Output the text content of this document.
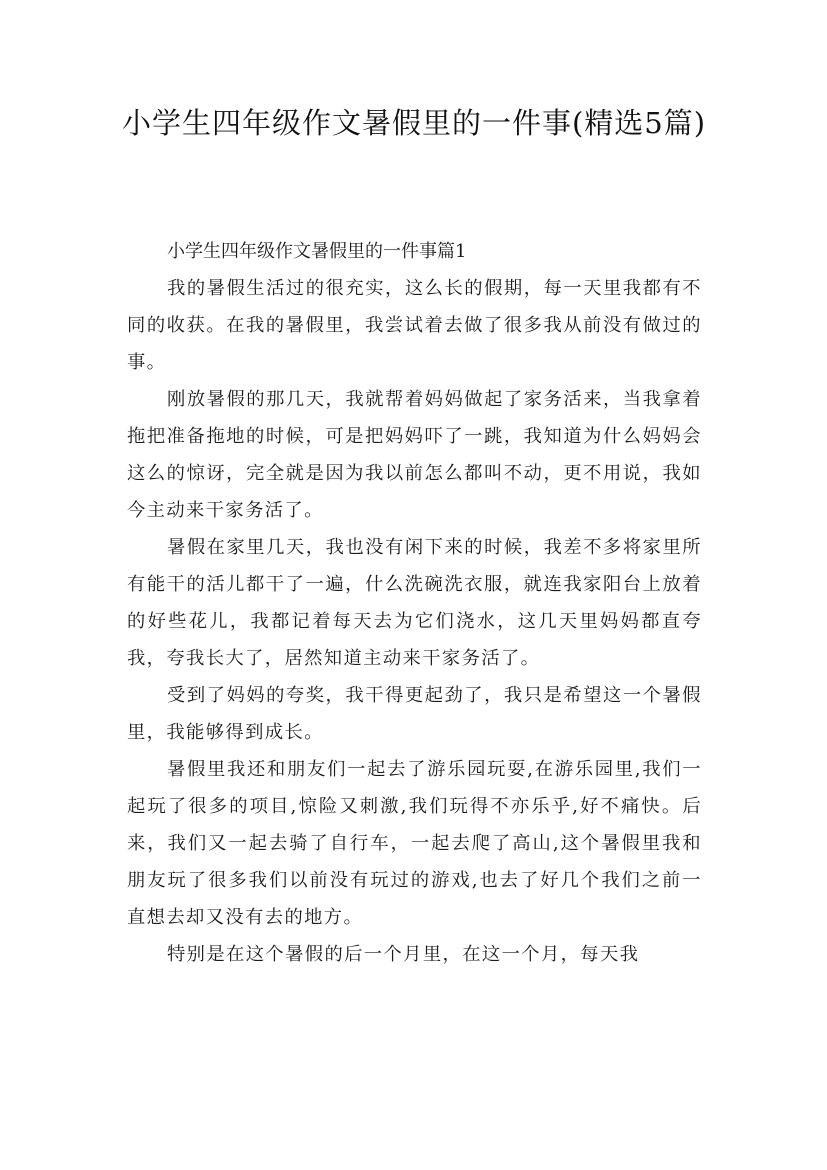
小学生四年级作文暑假里的一件事(精选5篇)

小学生四年级作文暑假里的一件事篇1

我的暑假生活过的很充实，这么长的假期，每一天里我都有不同的收获。在我的暑假里，我尝试着去做了很多我从前没有做过的事。

刚放暑假的那几天，我就帮着妈妈做起了家务活来，当我拿着拖把准备拖地的时候，可是把妈妈吓了一跳，我知道为什么妈妈会这么的惊讶，完全就是因为我以前怎么都叫不动，更不用说，我如今主动来干家务活了。

暑假在家里几天，我也没有闲下来的时候，我差不多将家里所有能干的活儿都干了一遍，什么洗碗洗衣服，就连我家阳台上放着的好些花儿，我都记着每天去为它们浇水，这几天里妈妈都直夸我，夸我长大了，居然知道主动来干家务活了。

受到了妈妈的夸奖，我干得更起劲了，我只是希望这一个暑假里，我能够得到成长。

暑假里我还和朋友们一起去了游乐园玩耍,在游乐园里,我们一起玩了很多的项目,惊险又刺激,我们玩得不亦乐乎,好不痛快。后来，我们又一起去骑了自行车，一起去爬了高山,这个暑假里我和朋友玩了很多我们以前没有玩过的游戏,也去了好几个我们之前一直想去却又没有去的地方。

特别是在这个暑假的后一个月里，在这一个月，每天我
